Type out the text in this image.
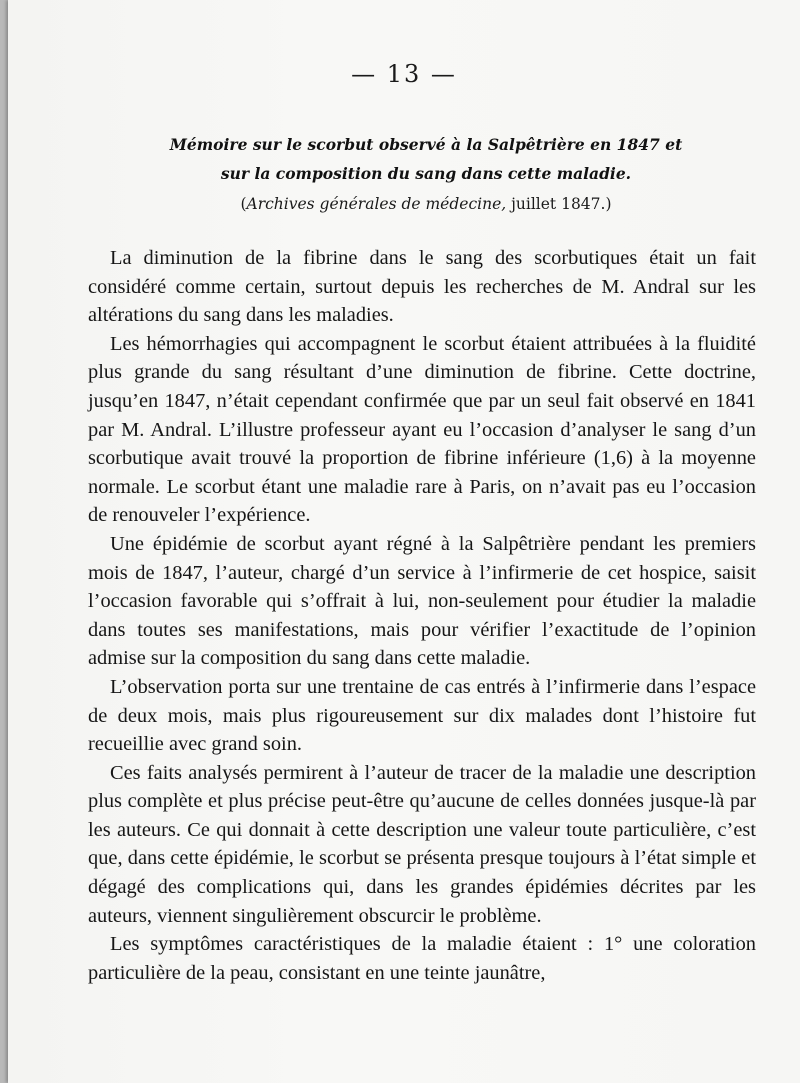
— 13 —
Mémoire sur le scorbut observé à la Salpêtrière en 1847 et
sur la composition du sang dans cette maladie.
(Archives générales de médecine, juillet 1847.)

La diminution de la fibrine dans le sang des scorbutiques était un fait considéré comme certain, surtout depuis les recherches de M. Andral sur les altérations du sang dans les maladies.

Les hémorrhagies qui accompagnent le scorbut étaient attribuées à la fluidité plus grande du sang résultant d’une diminution de fibrine. Cette doctrine, jusqu’en 1847, n’était cependant confirmée que par un seul fait observé en 1841 par M. Andral. L’illustre professeur ayant eu l’occasion d’analyser le sang d’un scorbutique avait trouvé la proportion de fibrine inférieure (1,6) à la moyenne normale. Le scorbut étant une maladie rare à Paris, on n’avait pas eu l’occasion de renouveler l’expérience.

Une épidémie de scorbut ayant régné à la Salpêtrière pendant les premiers mois de 1847, l’auteur, chargé d’un service à l’infirmerie de cet hospice, saisit l’occasion favorable qui s’offrait à lui, non-seulement pour étudier la maladie dans toutes ses manifestations, mais pour vérifier l’exactitude de l’opinion admise sur la composition du sang dans cette maladie.

L’observation porta sur une trentaine de cas entrés à l’infirmerie dans l’espace de deux mois, mais plus rigoureusement sur dix malades dont l’histoire fut recueillie avec grand soin.

Ces faits analysés permirent à l’auteur de tracer de la maladie une description plus complète et plus précise peut-être qu’aucune de celles données jusque-là par les auteurs. Ce qui donnait à cette description une valeur toute particulière, c’est que, dans cette épidémie, le scorbut se présenta presque toujours à l’état simple et dégagé des complications qui, dans les grandes épidémies décrites par les auteurs, viennent singulièrement obscurcir le problème.

Les symptômes caractéristiques de la maladie étaient : 1° une coloration particulière de la peau, consistant en une teinte jaunâtre,
